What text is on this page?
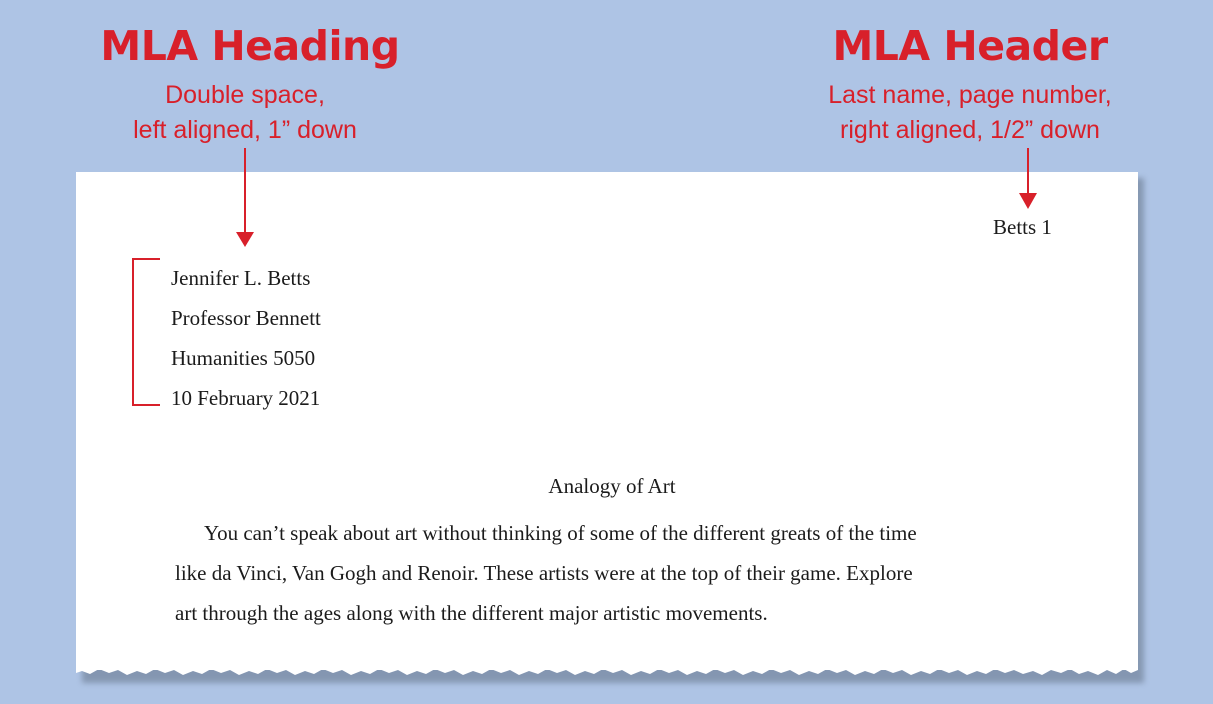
MLA Heading
Double space,
left aligned, 1” down
MLA Header
Last name, page number,
right aligned, 1/2” down
Betts 1
Jennifer L. Betts
Professor Bennett
Humanities 5050
10 February 2021
Analogy of Art
You can’t speak about art without thinking of some of the different greats of the time
like da Vinci, Van Gogh and Renoir. These artists were at the top of their game. Explore
art through the ages along with the different major artistic movements.
